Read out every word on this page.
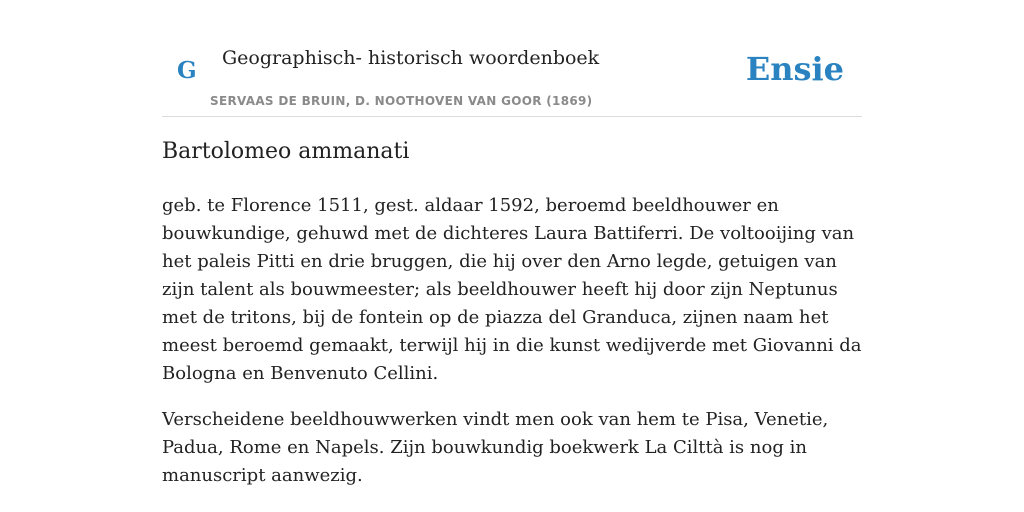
G Geographisch- historisch woordenboek
SERVAAS DE BRUIN, D. NOOTHOVEN VAN GOOR (1869)
Ensie
Bartolomeo ammanati

geb. te Florence 1511, gest. aldaar 1592, beroemd beeldhouwer en bouwkundige, gehuwd met de dichteres Laura Battiferri. De voltooijing van het paleis Pitti en drie bruggen, die hij over den Arno legde, getuigen van zijn talent als bouwmeester; als beeldhouwer heeft hij door zijn Neptunus met de tritons, bij de fontein op de piazza del Granduca, zijnen naam het meest beroemd gemaakt, terwijl hij in die kunst wedijverde met Giovanni da Bologna en Benvenuto Cellini.

Verscheidene beeldhouwwerken vindt men ook van hem te Pisa, Venetie, Padua, Rome en Napels. Zijn bouwkundig boekwerk La Cilttà is nog in manuscript aanwezig.
